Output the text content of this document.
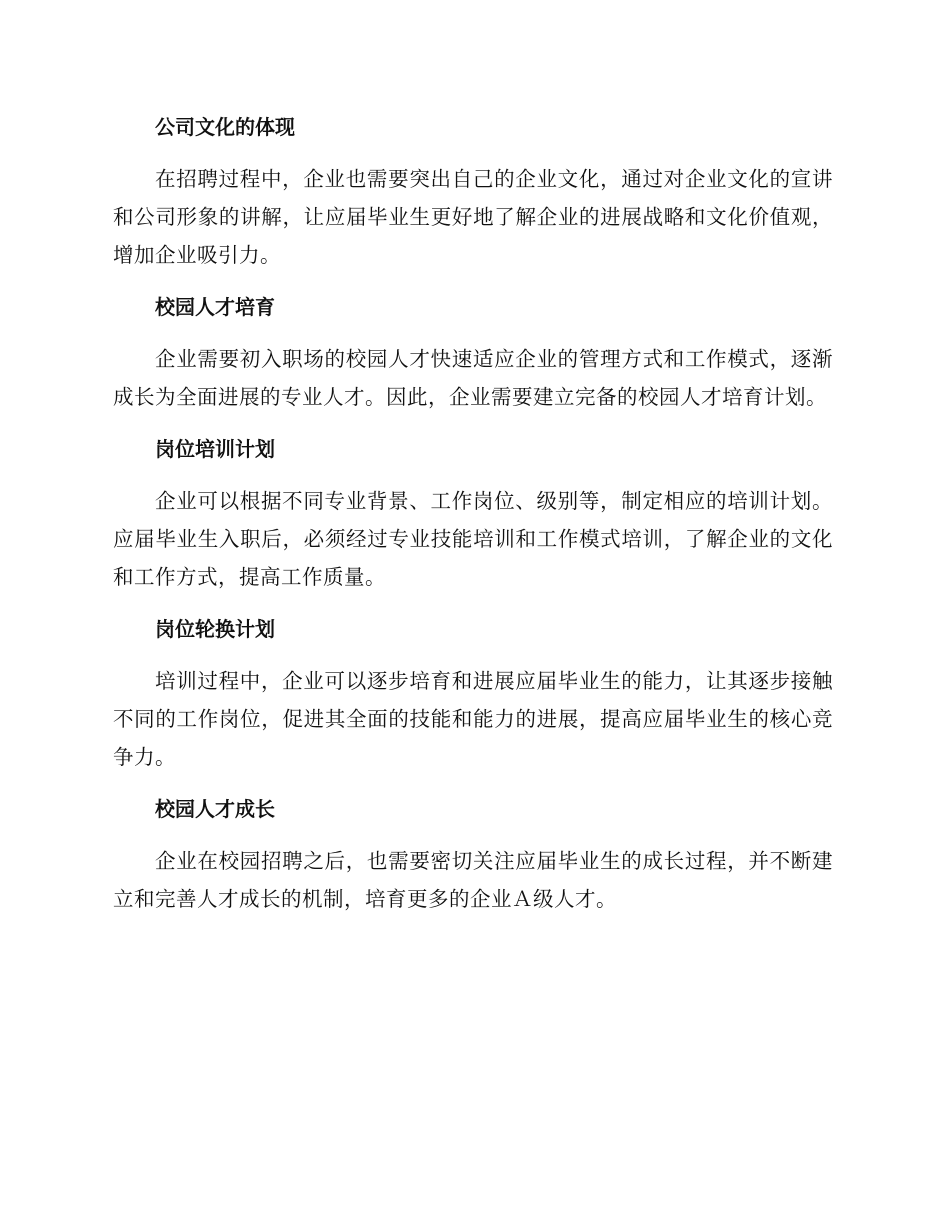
公司文化的体现

在招聘过程中，企业也需要突出自己的企业文化，通过对企业文化的宣讲和公司形象的讲解，让应届毕业生更好地了解企业的进展战略和文化价值观，增加企业吸引力。

校园人才培育

企业需要初入职场的校园人才快速适应企业的管理方式和工作模式，逐渐成长为全面进展的专业人才。因此，企业需要建立完备的校园人才培育计划。

岗位培训计划

企业可以根据不同专业背景、工作岗位、级别等，制定相应的培训计划。应届毕业生入职后，必须经过专业技能培训和工作模式培训，了解企业的文化和工作方式，提高工作质量。

岗位轮换计划

培训过程中，企业可以逐步培育和进展应届毕业生的能力，让其逐步接触不同的工作岗位，促进其全面的技能和能力的进展，提高应届毕业生的核心竞争力。

校园人才成长

企业在校园招聘之后，也需要密切关注应届毕业生的成长过程，并不断建立和完善人才成长的机制，培育更多的企业Ａ级人才。
